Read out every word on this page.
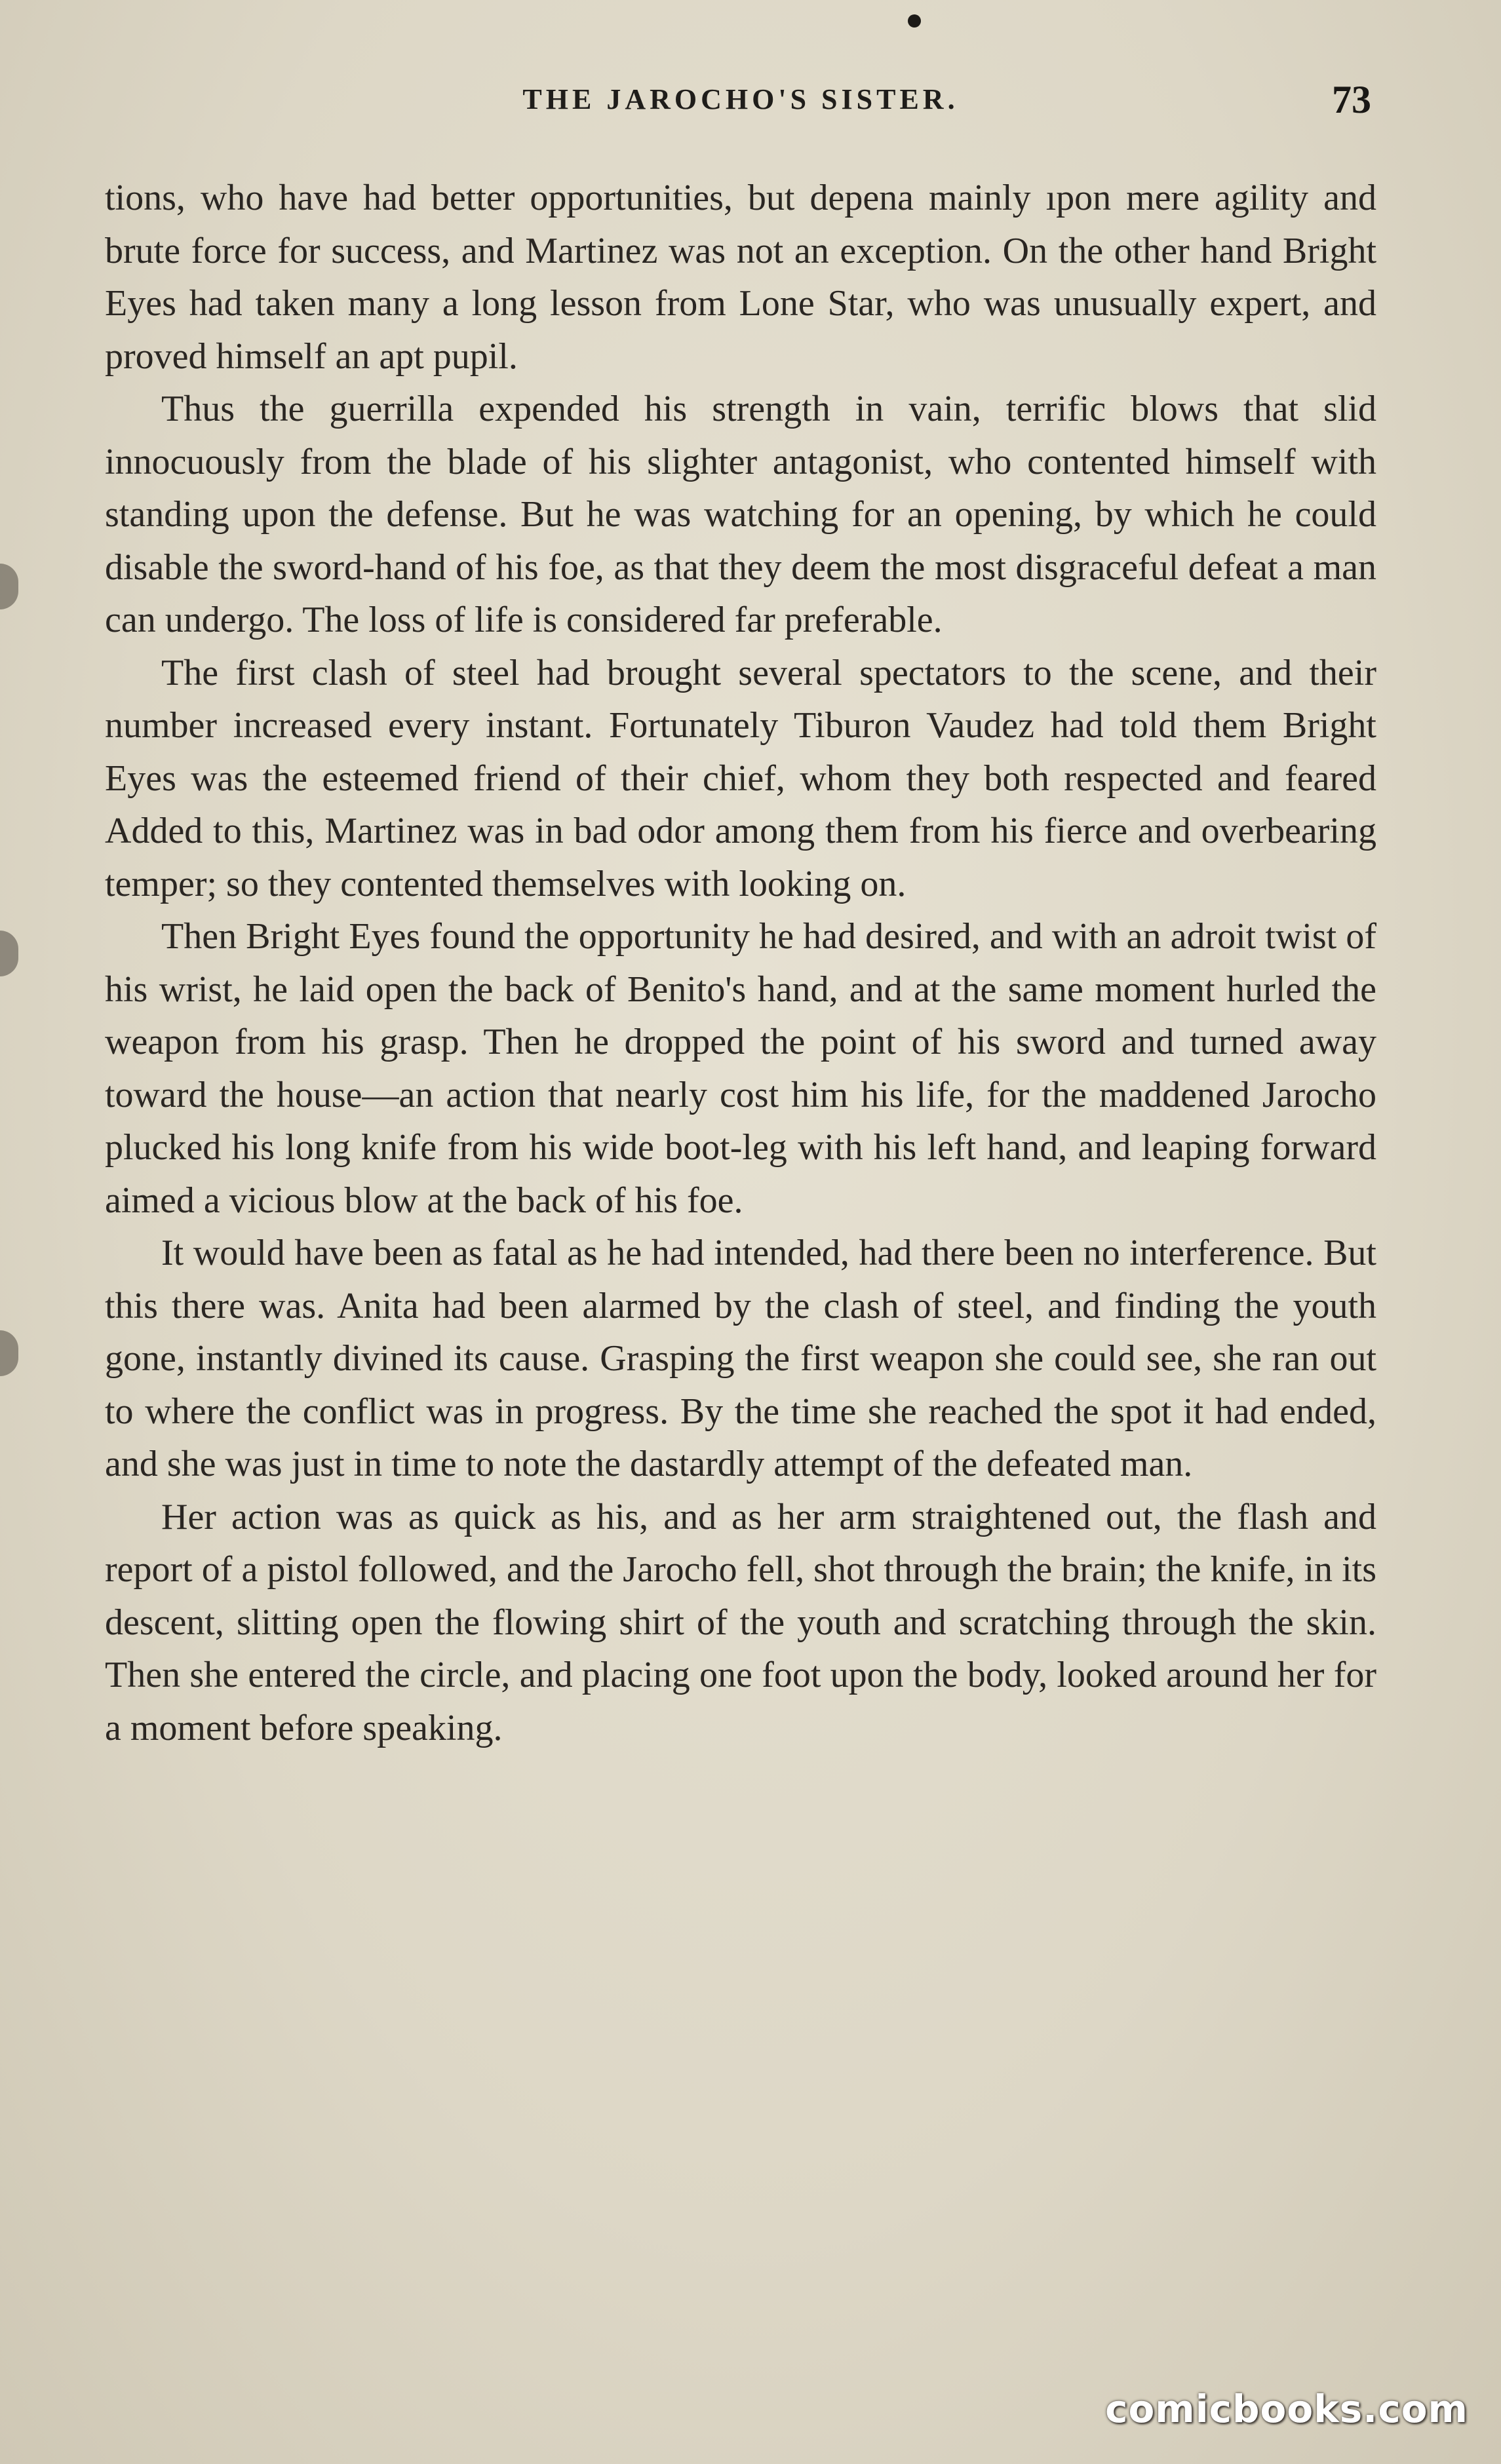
THE JAROCHO'S SISTER.	73

tions, who have had better opportunities, but depena mainly ıpon mere agility and brute force for success, and Martinez was not an exception. On the other hand Bright Eyes had taken many a long lesson from Lone Star, who was unusually expert, and proved himself an apt pupil.

Thus the guerrilla expended his strength in vain, terrific blows that slid innocuously from the blade of his slighter antagonist, who contented himself with standing upon the defense. But he was watching for an opening, by which he could disable the sword-hand of his foe, as that they deem the most disgraceful defeat a man can undergo. The loss of life is considered far preferable.

The first clash of steel had brought several spectators to the scene, and their number increased every instant. Fortunately Tiburon Vaudez had told them Bright Eyes was the esteemed friend of their chief, whom they both respected and feared Added to this, Martinez was in bad odor among them from his fierce and overbearing temper; so they contented themselves with looking on.

Then Bright Eyes found the opportunity he had desired, and with an adroit twist of his wrist, he laid open the back of Benito's hand, and at the same moment hurled the weapon from his grasp. Then he dropped the point of his sword and turned away toward the house—an action that nearly cost him his life, for the maddened Jarocho plucked his long knife from his wide boot-leg with his left hand, and leaping forward aimed a vicious blow at the back of his foe.

It would have been as fatal as he had intended, had there been no interference. But this there was. Anita had been alarmed by the clash of steel, and finding the youth gone, instantly divined its cause. Grasping the first weapon she could see, she ran out to where the conflict was in progress. By the time she reached the spot it had ended, and she was just in time to note the dastardly attempt of the defeated man.

Her action was as quick as his, and as her arm straightened out, the flash and report of a pistol followed, and the Jarocho fell, shot through the brain; the knife, in its descent, slitting open the flowing shirt of the youth and scratching through the skin. Then she entered the circle, and placing one foot upon the body, looked around her for a moment before speaking.

comicbooks.com
